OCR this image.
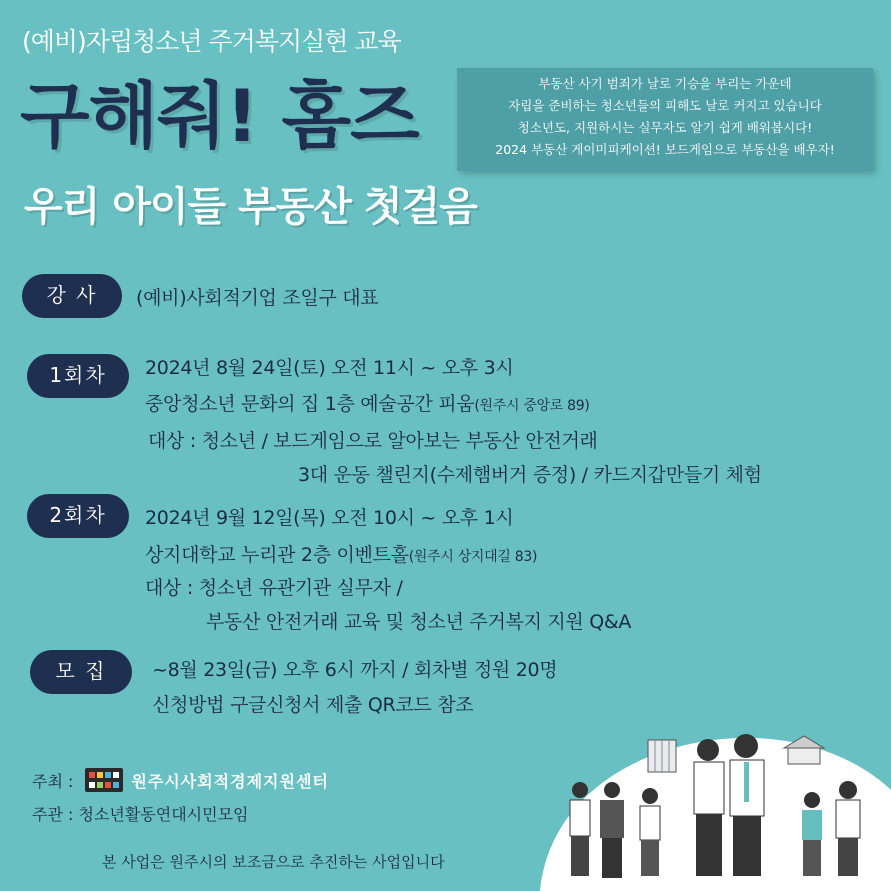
(예비)자립청소년 주거복지실현 교육
구해줘! 홈즈
우리 아이들 부동산 첫걸음
부동산 사기 범죄가 날로 기승을 부리는 가운데
자립을 준비하는 청소년들의 피해도 날로 커지고 있습니다
청소년도, 지원하시는 실무자도 알기 쉽게 배워봅시다!
2024 부동산 게이미피케이션! 보드게임으로 부동산을 배우자!
강 사	(예비)사회적기업 조일구 대표
1회차	2024년 8월 24일(토) 오전 11시 ~ 오후 3시
중앙청소년 문화의 집 1층 예술공간 피움(원주시 중앙로 89)
대상 : 청소년 / 보드게임으로 알아보는 부동산 안전거래
3대 운동 챌린지(수제햄버거 증정) / 카드지갑만들기 체험
2회차	2024년 9월 12일(목) 오전 10시 ~ 오후 1시
상지대학교 누리관 2층 이벤트홀(원주시 상지대길 83)
대상 : 청소년 유관기관 실무자 /
부동산 안전거래 교육 및 청소년 주거복지 지원 Q&A
모 집	~8월 23일(금) 오후 6시 까지 / 회차별 정원 20명
신청방법 구글신청서 제출 QR코드 참조
주최 :	원주시사회적경제지원센터
주관 : 청소년활동연대시민모임
본 사업은 원주시의 보조금으로 추진하는 사업입니다
